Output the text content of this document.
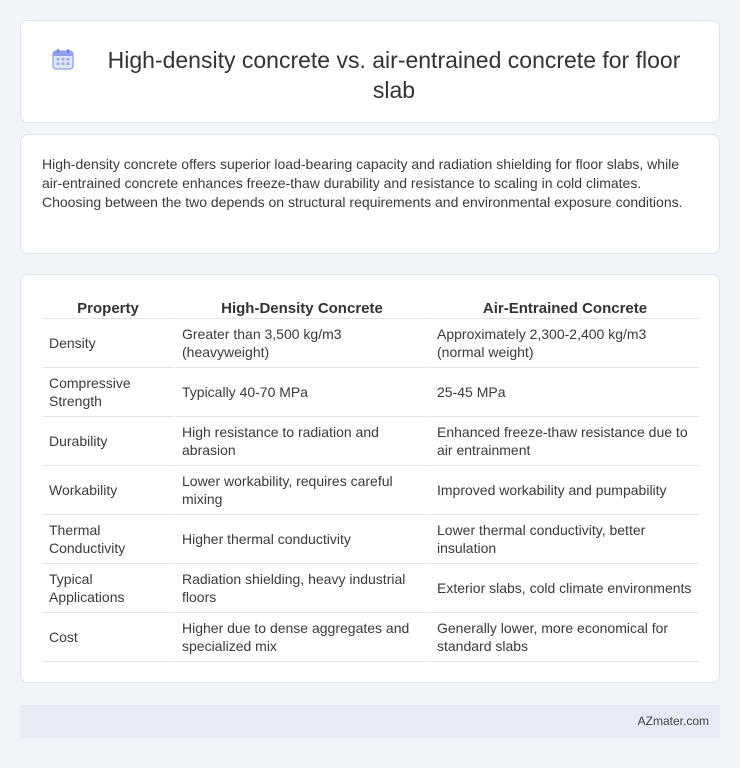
High-density concrete vs. air-entrained concrete for floor slab

High-density concrete offers superior load-bearing capacity and radiation shielding for floor slabs, while air-entrained concrete enhances freeze-thaw durability and resistance to scaling in cold climates. Choosing between the two depends on structural requirements and environmental exposure conditions.

Property	High-Density Concrete	Air-Entrained Concrete
Density	Greater than 3,500 kg/m3 (heavyweight)	Approximately 2,300-2,400 kg/m3 (normal weight)
Compressive Strength	Typically 40-70 MPa	25-45 MPa
Durability	High resistance to radiation and abrasion	Enhanced freeze-thaw resistance due to air entrainment
Workability	Lower workability, requires careful mixing	Improved workability and pumpability
Thermal Conductivity	Higher thermal conductivity	Lower thermal conductivity, better insulation
Typical Applications	Radiation shielding, heavy industrial floors	Exterior slabs, cold climate environments
Cost	Higher due to dense aggregates and specialized mix	Generally lower, more economical for standard slabs
AZmater.com
